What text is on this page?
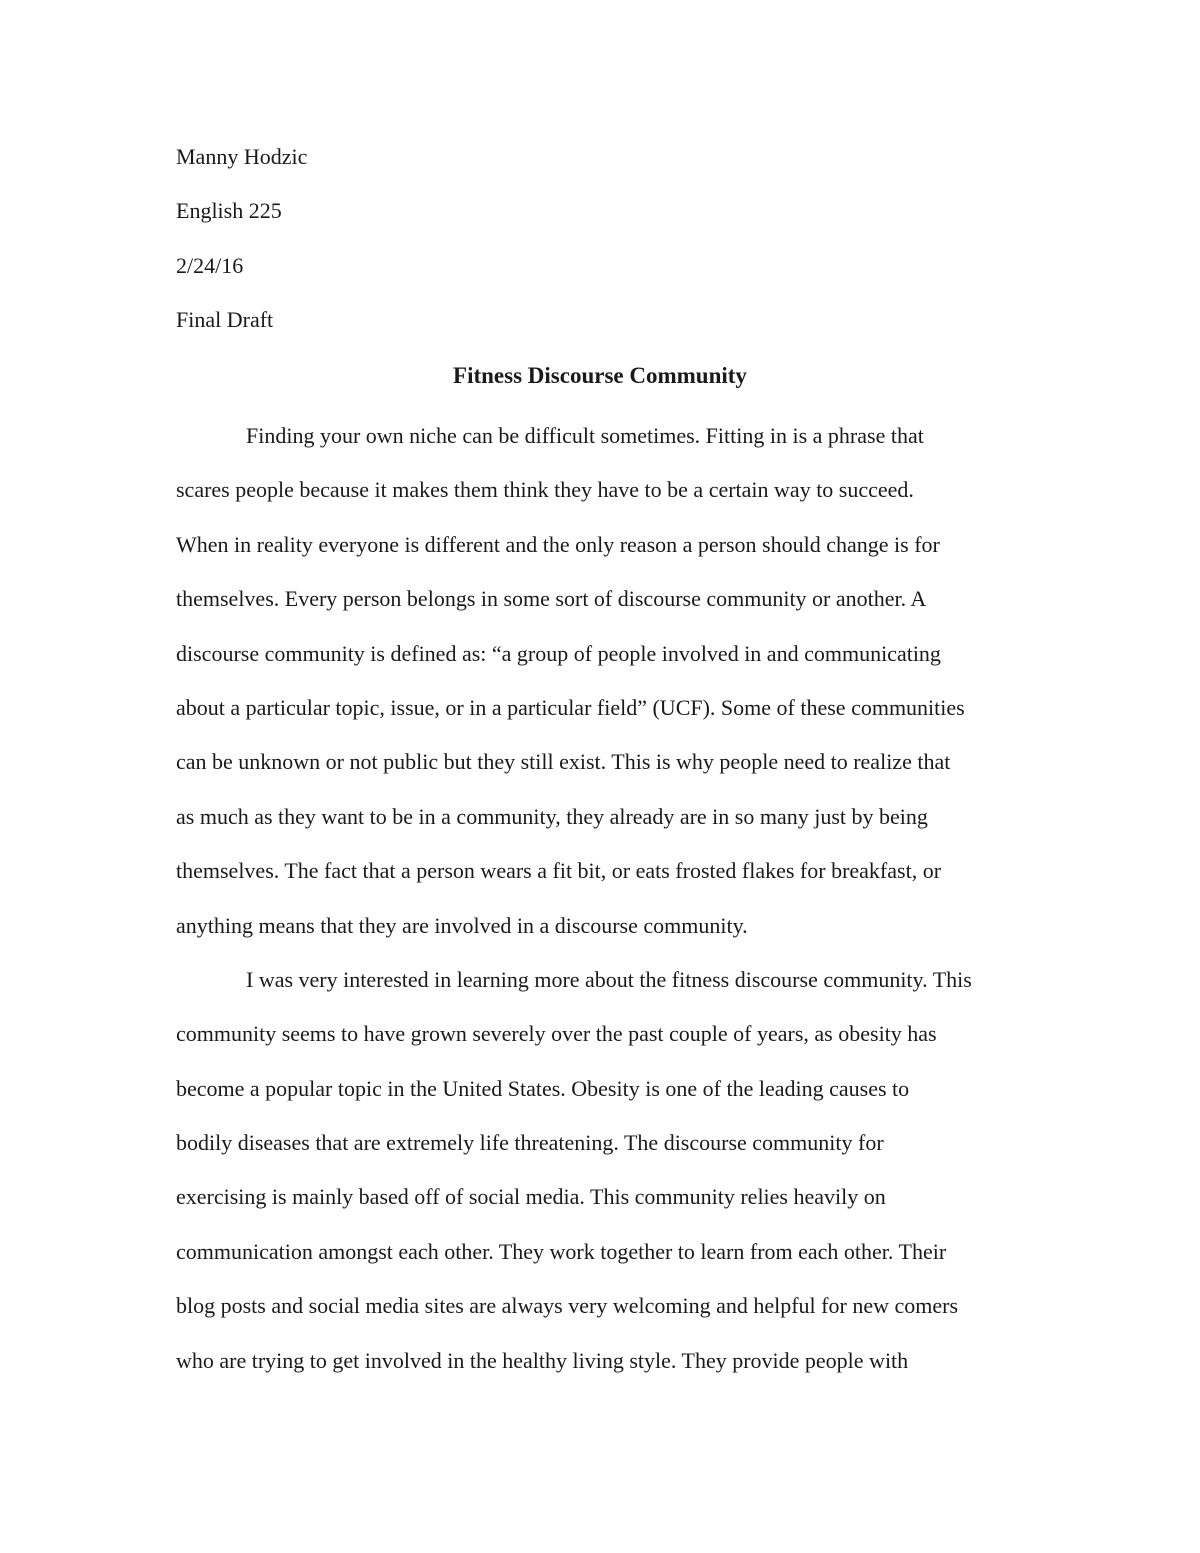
Manny Hodzic

English 225

2/24/16

Final Draft

Fitness Discourse Community

Finding your own niche can be difficult sometimes. Fitting in is a phrase that

scares people because it makes them think they have to be a certain way to succeed.

When in reality everyone is different and the only reason a person should change is for

themselves. Every person belongs in some sort of discourse community or another. A

discourse community is defined as: “a group of people involved in and communicating

about a particular topic, issue, or in a particular field” (UCF). Some of these communities

can be unknown or not public but they still exist. This is why people need to realize that

as much as they want to be in a community, they already are in so many just by being

themselves. The fact that a person wears a fit bit, or eats frosted flakes for breakfast, or

anything means that they are involved in a discourse community.

I was very interested in learning more about the fitness discourse community. This

community seems to have grown severely over the past couple of years, as obesity has

become a popular topic in the United States. Obesity is one of the leading causes to

bodily diseases that are extremely life threatening. The discourse community for

exercising is mainly based off of social media. This community relies heavily on

communication amongst each other. They work together to learn from each other. Their

blog posts and social media sites are always very welcoming and helpful for new comers

who are trying to get involved in the healthy living style. They provide people with
